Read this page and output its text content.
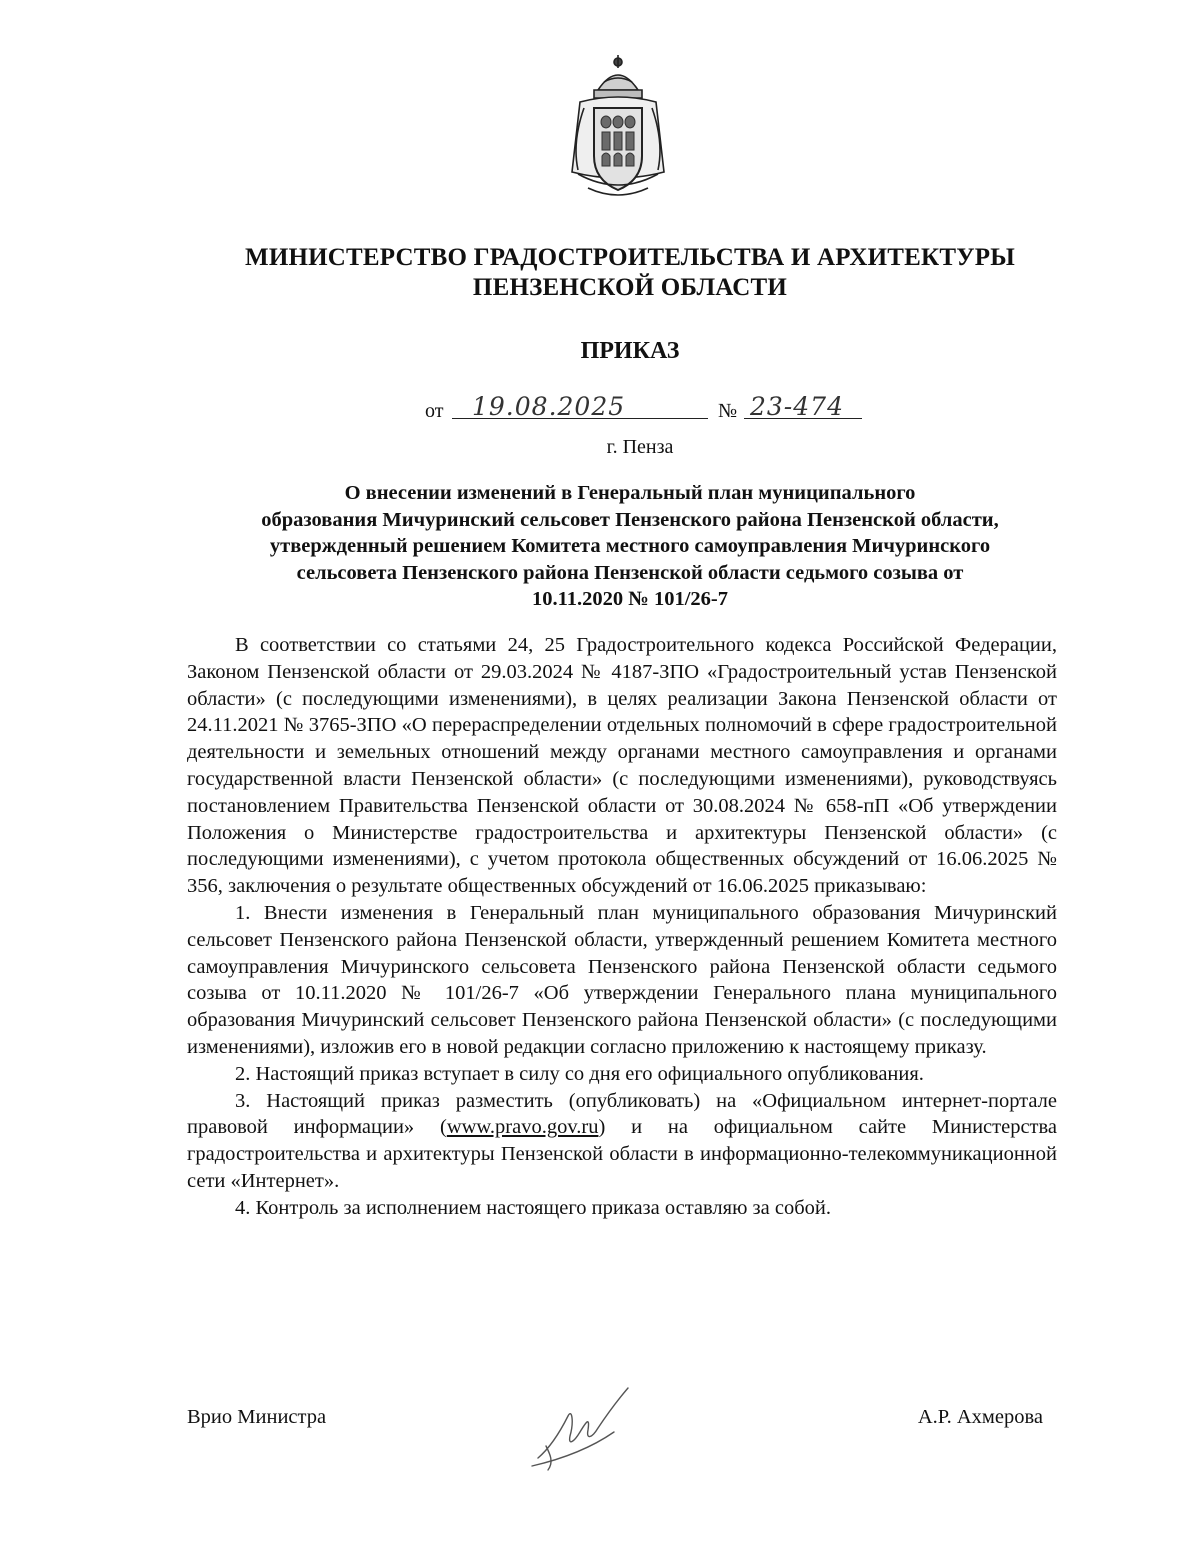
МИНИСТЕРСТВО ГРАДОСТРОИТЕЛЬСТВА И АРХИТЕКТУРЫ
ПЕНЗЕНСКОЙ ОБЛАСТИ
ПРИКАЗ
от	19.08.2025	№ 23-474
г. Пенза
О внесении изменений в Генеральный план муниципального
образования Мичуринский сельсовет Пензенского района Пензенской области,
утвержденный решением Комитета местного самоуправления Мичуринского
сельсовета Пензенского района Пензенской области седьмого созыва от
10.11.2020 № 101/26-7

В соответствии со статьями 24, 25 Градостроительного кодекса Российской Федерации, Законом Пензенской области от 29.03.2024 № 4187-ЗПО «Градостроительный устав Пензенской области» (с последующими изменениями), в целях реализации Закона Пензенской области от 24.11.2021 № 3765-ЗПО «О перераспределении отдельных полномочий в сфере градостроительной деятельности и земельных отношений между органами местного самоуправления и органами государственной власти Пензенской области» (с последующими изменениями), руководствуясь постановлением Правительства Пензенской области от 30.08.2024 № 658-пП «Об утверждении Положения о Министерстве градостроительства и архитектуры Пензенской области» (с последующими изменениями), с учетом протокола общественных обсуждений от 16.06.2025 № 356, заключения о результате общественных обсуждений от 16.06.2025 приказываю:

1. Внести изменения в Генеральный план муниципального образования Мичуринский сельсовет Пензенского района Пензенской области, утвержденный решением Комитета местного самоуправления Мичуринского сельсовета Пензенского района Пензенской области седьмого созыва от 10.11.2020 № 101/26-7 «Об утверждении Генерального плана муниципального образования Мичуринский сельсовет Пензенского района Пензенской области» (с последующими изменениями), изложив его в новой редакции согласно приложению к настоящему приказу.

2. Настоящий приказ вступает в силу со дня его официального опубликования.

3. Настоящий приказ разместить (опубликовать) на «Официальном интернет-портале правовой информации» (www.pravo.gov.ru) и на официальном сайте Министерства градостроительства и архитектуры Пензенской области в информационно-телекоммуникационной сети «Интернет».

4. Контроль за исполнением настоящего приказа оставляю за собой.

Врио Министра	А.Р. Ахмерова
